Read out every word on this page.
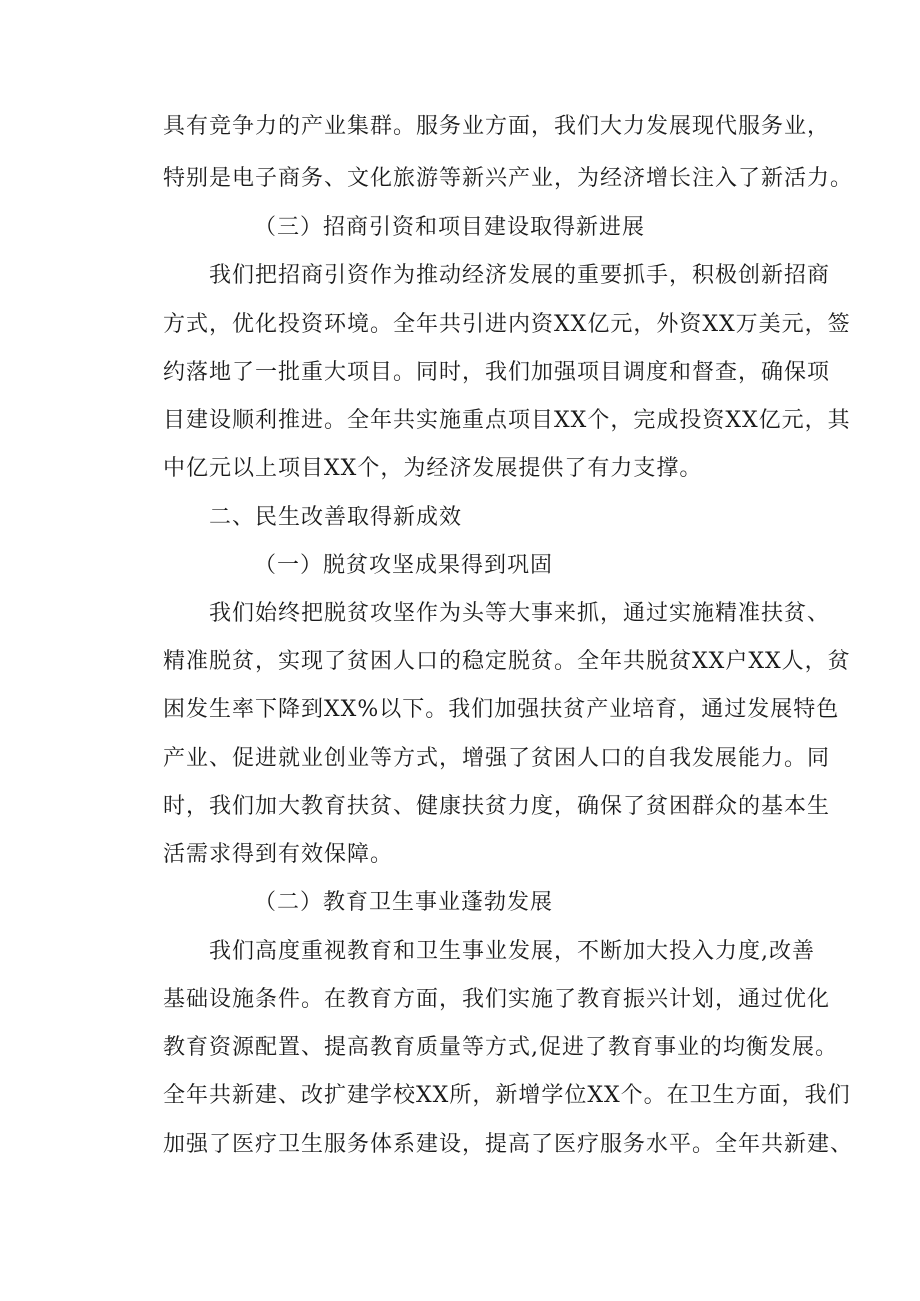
具有竞争力的产业集群。服务业方面，我们大力发展现代服务业，

特别是电子商务、文化旅游等新兴产业，为经济增长注入了新活力。

（三）招商引资和项目建设取得新进展

我们把招商引资作为推动经济发展的重要抓手，积极创新招商

方式，优化投资环境。全年共引进内资XX亿元，外资XX万美元，签

约落地了一批重大项目。同时，我们加强项目调度和督查，确保项

目建设顺利推进。全年共实施重点项目XX个，完成投资XX亿元，其

中亿元以上项目XX个，为经济发展提供了有力支撑。

二、民生改善取得新成效

（一）脱贫攻坚成果得到巩固

我们始终把脱贫攻坚作为头等大事来抓，通过实施精准扶贫、

精准脱贫，实现了贫困人口的稳定脱贫。全年共脱贫XX户XX人，贫

困发生率下降到XX%以下。我们加强扶贫产业培育，通过发展特色

产业、促进就业创业等方式，增强了贫困人口的自我发展能力。同

时，我们加大教育扶贫、健康扶贫力度，确保了贫困群众的基本生

活需求得到有效保障。

（二）教育卫生事业蓬勃发展

我们高度重视教育和卫生事业发展，不断加大投入力度,改善

基础设施条件。在教育方面，我们实施了教育振兴计划，通过优化

教育资源配置、提高教育质量等方式,促进了教育事业的均衡发展。

全年共新建、改扩建学校XX所，新增学位XX个。在卫生方面，我们

加强了医疗卫生服务体系建设，提高了医疗服务水平。全年共新建、
